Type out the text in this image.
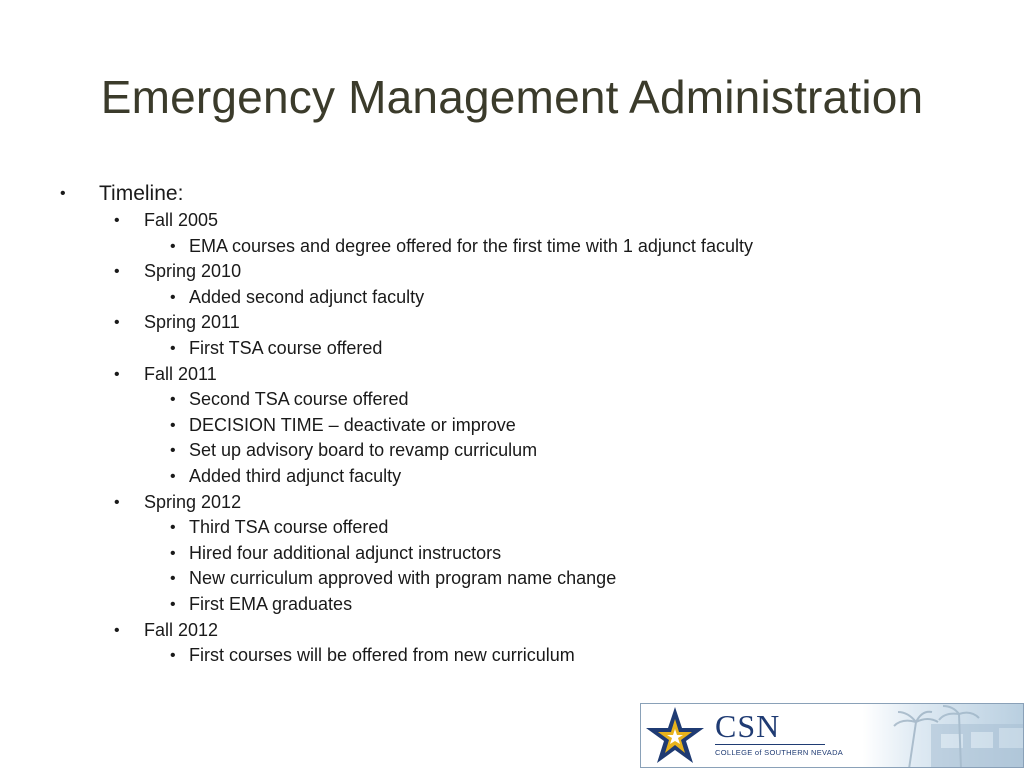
Emergency Management Administration
• Timeline:
• Fall 2005
• EMA courses and degree offered for the first time with 1 adjunct faculty
• Spring 2010
• Added second adjunct faculty
• Spring 2011
• First TSA course offered
• Fall 2011
• Second TSA course offered
• DECISION TIME – deactivate or improve
• Set up advisory board to revamp curriculum
• Added third adjunct faculty
• Spring 2012
• Third TSA course offered
• Hired four additional adjunct instructors
• New curriculum approved with program name change
• First EMA graduates
• Fall 2012
• First courses will be offered from new curriculum
CSN
COLLEGE of SOUTHERN NEVADA
